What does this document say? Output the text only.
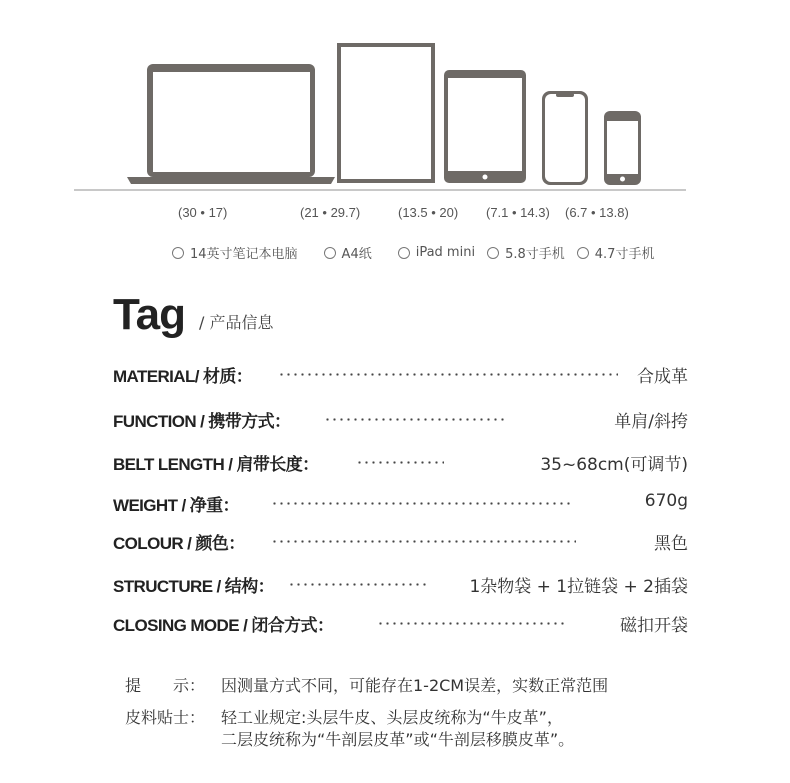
(30 • 17)	(21 • 29.7)	(13.5 • 20) (7.1 • 14.3) (6.7 • 13.8)
14英寸笔记本电脑	A4纸	iPad mini 5.8寸手机 4.7寸手机
Tag / 产品信息
MATERIAL/ 材质：	合成革
FUNCTION / 携带方式：	单肩/斜挎
BELT LENGTH / 肩带长度：	35~68cm(可调节)
WEIGHT / 净重：	670g
COLOUR / 颜色：	黑色
STRUCTURE / 结构：	1杂物袋 + 1拉链袋 + 2插袋
CLOSING MODE / 闭合方式：	磁扣开袋
提　　示： 因测量方式不同，可能存在1-2CM误差，实数正常范围
皮料贴士： 轻工业规定:头层牛皮、头层皮统称为“牛皮革”，
二层皮统称为“牛剖层皮革”或“牛剖层移膜皮革”。
